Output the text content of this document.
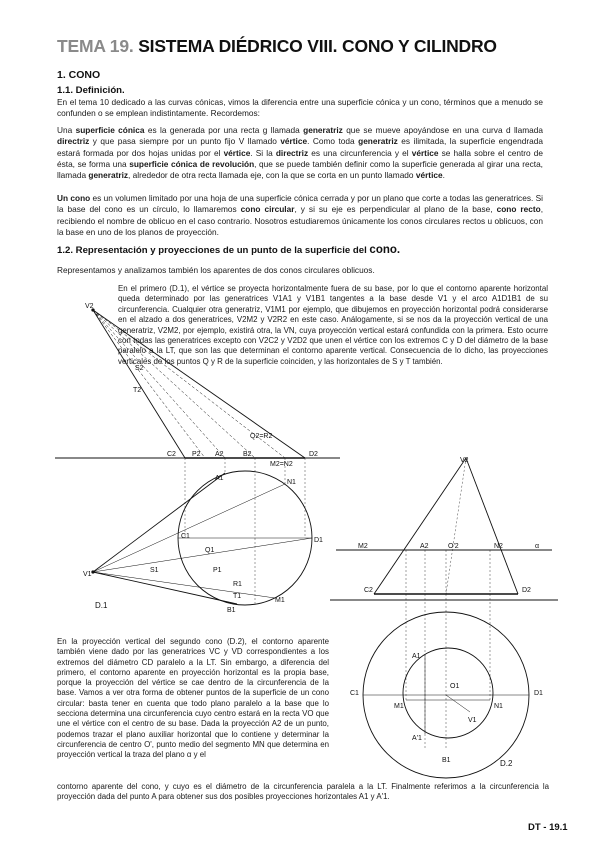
TEMA 19. SISTEMA DIÉDRICO VIII. CONO Y CILINDRO
1. CONO
1.1. Definición.
En el tema 10 dedicado a las curvas cónicas, vimos la diferencia entre una superficie cónica y un cono, términos que a menudo se confunden o se emplean indistintamente. Recordemos:
Una superficie cónica es la generada por una recta g llamada generatriz que se mueve apoyándose en una curva d llamada directriz y que pasa siempre por un punto fijo V llamado vértice. Como toda generatriz es ilimitada, la superficie engendrada estará formada por dos hojas unidas por el vértice. Si la directriz es una circunferencia y el vértice se halla sobre el centro de ésta, se forma una superficie cónica de revolución, que se puede también definir como la superficie generada al girar una recta, llamada generatriz, alrededor de otra recta llamada eje, con la que se corta en un punto llamado vértice.
Un cono es un volumen limitado por una hoja de una superficie cónica cerrada y por un plano que corte a todas las generatrices. Si la base del cono es un círculo, lo llamaremos cono circular, y si su eje es perpendicular al plano de la base, cono recto, recibiendo el nombre de oblicuo en el caso contrario. Nosotros estudiaremos únicamente los conos circulares rectos u oblicuos, con la base en uno de los planos de proyección.
1.2. Representación y proyecciones de un punto de la superficie del cono.
Representamos y analizamos también los aparentes de dos conos circulares oblicuos.
En el primero (D.1), el vértice se proyecta horizontalmente fuera de su base, por lo que el contorno aparente horizontal queda determinado por las generatrices V1A1 y V1B1 tangentes a la base desde V1 y el arco A1D1B1 de su circunferencia. Cualquier otra generatriz, V1M1 por ejemplo, que dibujemos en proyección horizontal podrá considerarse en el alzado a dos generatrices, V2M2 y V2R2 en este caso. Análogamente, si se nos da la proyección vertical de una generatriz, V2M2, por ejemplo, existirá otra, la VN, cuya proyección vertical estará confundida con la primera. Esto ocurre con todas las generatrices excepto con V2C2 y V2D2 que unen el vértice con los extremos C y D del diámetro de la base paralelo a la LT, que son las que determinan el contorno aparente vertical. Consecuencia de lo dicho, las proyecciones verticales de los puntos Q y R de la superficie coinciden, y las horizontales de S y T también.
En la proyección vertical del segundo cono (D.2), el contorno aparente también viene dado por las generatrices VC y VD correspondientes a los extremos del diámetro CD paralelo a la LT. Sin embargo, a diferencia del primero, el contorno aparente en proyección horizontal es la propia base, porque la proyección del vértice se cae dentro de la circunferencia de la base. Vamos a ver otra forma de obtener puntos de la superficie de un cono circular: basta tener en cuenta que todo plano paralelo a la base que lo secciona determina una circunferencia cuyo centro estará en la recta VO que une el vértice con el centro de su base. Dada la proyección A2 de un punto, podemos trazar el plano auxiliar horizontal que lo contiene y determinar la circunferencia de centro O', punto medio del segmento MN que determina en proyección vertical la traza del plano α y el
contorno aparente del cono, y cuyo es el diámetro de la circunferencia paralela a la LT. Finalmente referimos a la circunferencia la proyección dada del punto A para obtener sus dos posibles proyecciones horizontales A1 y A'1.
V2
S2
T2
Q2=R2
C2 P2 A2	B2
M2=N2
D2
A1
N1
C1
D1
V1
S1	P1
Q1
R1
T1
B1
M1
D.1
V2
M2	A2	O'2	N2	α
C2	D2
A1
C1
O1
D1
M1	N1
A'1
V1
B1	D.2
DT - 19.1
